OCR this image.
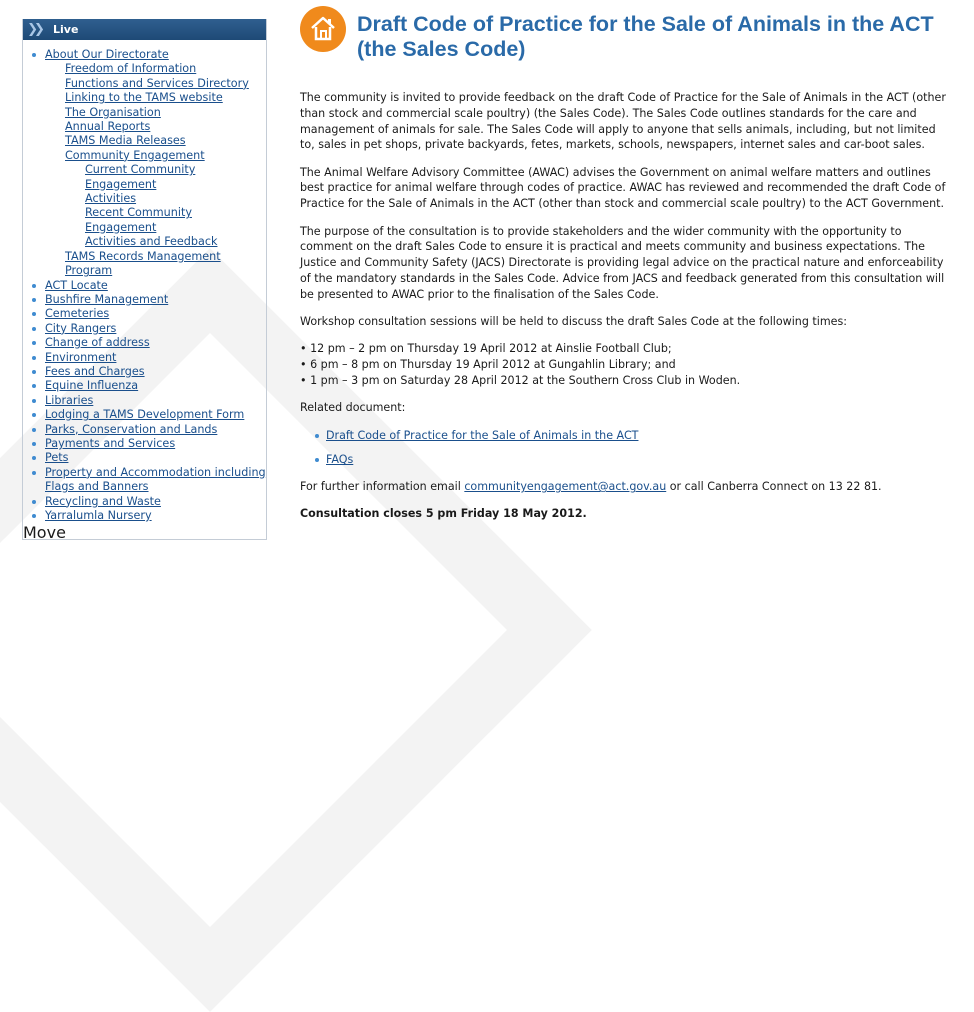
❯❯	Live
About Our Directorate
Freedom of Information
Functions and Services Directory
Linking to the TAMS website
The Organisation
Annual Reports
TAMS Media Releases
Community Engagement
Current Community Engagement
Activities
Recent Community Engagement
Activities and Feedback
TAMS Records Management
Program
ACT Locate
Bushfire Management
Cemeteries
City Rangers
Change of address
Environment
Fees and Charges
Equine Influenza
Libraries
Lodging a TAMS Development Form
Parks, Conservation and Lands
Payments and Services
Pets
Property and Accommodation including
Flags and Banners
Recycling and Waste
Yarralumla Nursery
Move
Draft Code of Practice for the Sale of Animals in the ACT (the Sales Code)

The community is invited to provide feedback on the draft Code of Practice for the Sale of Animals in the ACT (other than stock and commercial scale poultry) (the Sales Code). The Sales Code outlines standards for the care and management of animals for sale. The Sales Code will apply to anyone that sells animals, including, but not limited to, sales in pet shops, private backyards, fetes, markets, schools, newspapers, internet sales and car-boot sales.

The Animal Welfare Advisory Committee (AWAC) advises the Government on animal welfare matters and outlines best practice for animal welfare through codes of practice. AWAC has reviewed and recommended the draft Code of Practice for the Sale of Animals in the ACT (other than stock and commercial scale poultry) to the ACT Government.

The purpose of the consultation is to provide stakeholders and the wider community with the opportunity to comment on the draft Sales Code to ensure it is practical and meets community and business expectations. The Justice and Community Safety (JACS) Directorate is providing legal advice on the practical nature and enforceability of the mandatory standards in the Sales Code. Advice from JACS and feedback generated from this consultation will be presented to AWAC prior to the finalisation of the Sales Code.

Workshop consultation sessions will be held to discuss the draft Sales Code at the following times:

• 12 pm – 2 pm on Thursday 19 April 2012 at Ainslie Football Club;
• 6 pm – 8 pm on Thursday 19 April 2012 at Gungahlin Library; and
• 1 pm – 3 pm on Saturday 28 April 2012 at the Southern Cross Club in Woden.

Related document:

Draft Code of Practice for the Sale of Animals in the ACT
FAQs

For further information email communityengagement@act.gov.au or call Canberra Connect on 13 22 81.

Consultation closes 5 pm Friday 18 May 2012.
